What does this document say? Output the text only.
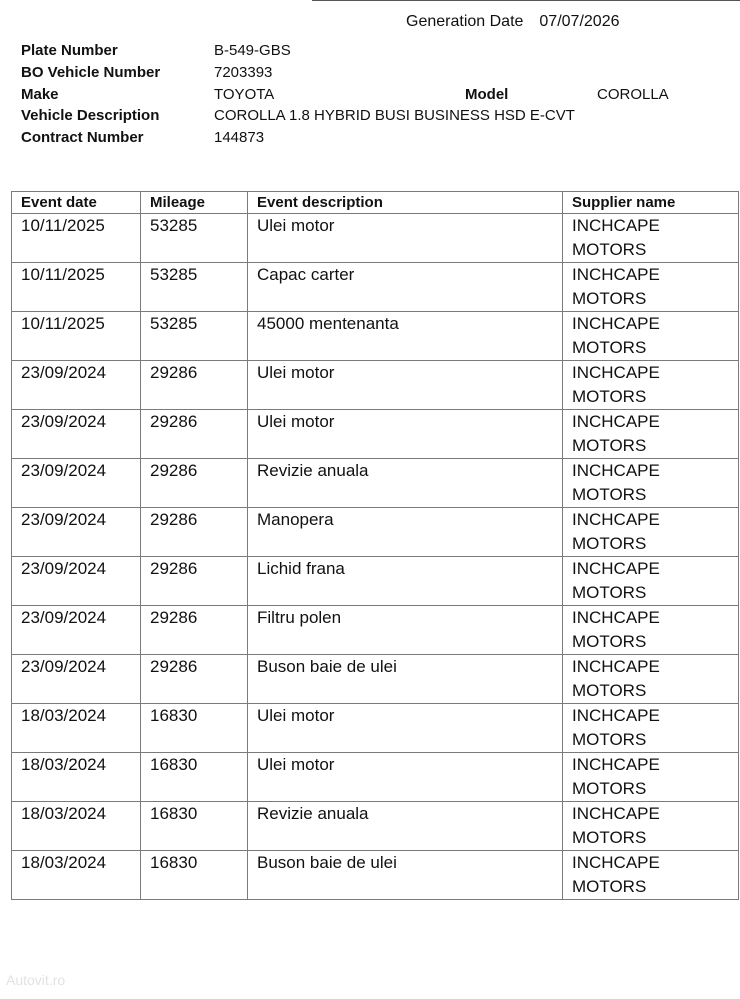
Generation Date 07/07/2026
Plate Number	B-549-GBS
BO Vehicle Number	7203393
Make	TOYOTA	Model	COROLLA
Vehicle Description	COROLLA 1.8 HYBRID BUSI BUSINESS HSD E-CVT
Contract Number	144873
Event date	Mileage	Event description	Supplier name
10/11/2025	53285	Ulei motor	INCHCAPE MOTORS
10/11/2025	53285	Capac carter	INCHCAPE MOTORS
10/11/2025	53285	45000 mentenanta	INCHCAPE MOTORS
23/09/2024	29286	Ulei motor	INCHCAPE MOTORS
23/09/2024	29286	Ulei motor	INCHCAPE MOTORS
23/09/2024	29286	Revizie anuala	INCHCAPE MOTORS
23/09/2024	29286	Manopera	INCHCAPE MOTORS
23/09/2024	29286	Lichid frana	INCHCAPE MOTORS
23/09/2024	29286	Filtru polen	INCHCAPE MOTORS
23/09/2024	29286	Buson baie de ulei	INCHCAPE MOTORS
18/03/2024	16830	Ulei motor	INCHCAPE MOTORS
18/03/2024	16830	Ulei motor	INCHCAPE MOTORS
18/03/2024	16830	Revizie anuala	INCHCAPE MOTORS
18/03/2024	16830	Buson baie de ulei	INCHCAPE MOTORS
Autovit.ro
